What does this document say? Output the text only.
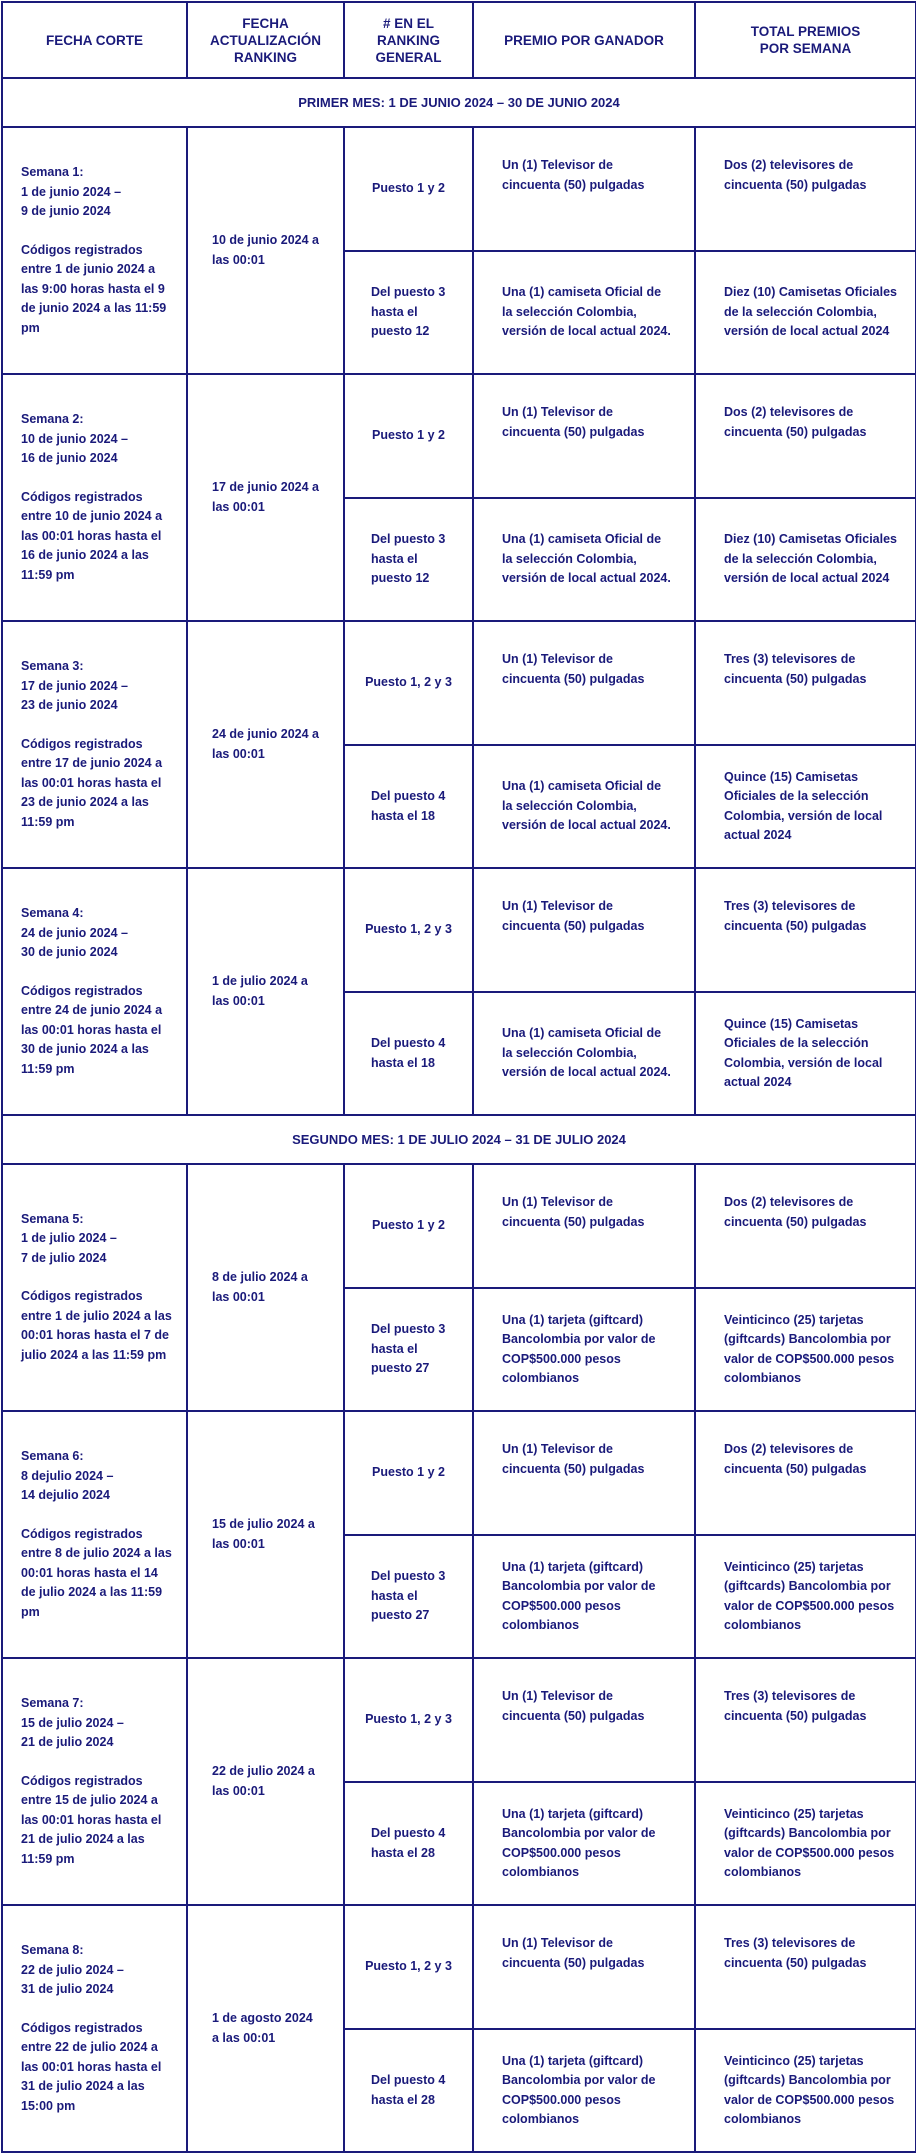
FECHA CORTE	FECHA
ACTUALIZACIÓN
RANKING	# EN EL
RANKING
GENERAL	PREMIO POR GANADOR	TOTAL PREMIOS
POR SEMANA
PRIMER MES: 1 DE JUNIO 2024 – 30 DE JUNIO 2024				

Semana 1:
1 de junio 2024 –
9 de junio 2024
Códigos registrados entre 1 de junio 2024 a las 9:00 horas hasta el 9 de junio 2024 a las 11:59 pm	10 de junio 2024 a las 00:01	Puesto 1 y 2	Un (1) Televisor de cincuenta (50) pulgadas	Dos (2) televisores de cincuenta (50) pulgadas
		Del puesto 3 hasta el puesto 12	Una (1) camiseta Oficial de la selección Colombia, versión de local actual 2024.	Diez (10) Camisetas Oficiales de la selección Colombia, versión de local actual 2024

Semana 2:
10 de junio 2024 –
16 de junio 2024
Códigos registrados entre 10 de junio 2024 a las 00:01 horas hasta el 16 de junio 2024 a las 11:59 pm	17 de junio 2024 a las 00:01	Puesto 1 y 2	Un (1) Televisor de cincuenta (50) pulgadas	Dos (2) televisores de cincuenta (50) pulgadas
		Del puesto 3 hasta el puesto 12	Una (1) camiseta Oficial de la selección Colombia, versión de local actual 2024.	Diez (10) Camisetas Oficiales de la selección Colombia, versión de local actual 2024

Semana 3:
17 de junio 2024 –
23 de junio 2024
Códigos registrados entre 17 de junio 2024 a las 00:01 horas hasta el 23 de junio 2024 a las 11:59 pm	24 de junio 2024 a las 00:01	Puesto 1, 2 y 3	Un (1) Televisor de cincuenta (50) pulgadas	Tres (3) televisores de cincuenta (50) pulgadas
		Del puesto 4 hasta el 18	Una (1) camiseta Oficial de la selección Colombia, versión de local actual 2024.	Quince (15) Camisetas Oficiales de la selección Colombia, versión de local actual 2024

Semana 4:
24 de junio 2024 –
30 de junio 2024
Códigos registrados entre 24 de junio 2024 a las 00:01 horas hasta el 30 de junio 2024 a las 11:59 pm	1 de julio 2024 a las 00:01	Puesto 1, 2 y 3	Un (1) Televisor de cincuenta (50) pulgadas	Tres (3) televisores de cincuenta (50) pulgadas
		Del puesto 4 hasta el 18	Una (1) camiseta Oficial de la selección Colombia, versión de local actual 2024.	Quince (15) Camisetas Oficiales de la selección Colombia, versión de local actual 2024
SEGUNDO MES: 1 DE JULIO 2024 – 31 DE JULIO 2024				

Semana 5:
1 de julio 2024 –
7 de julio 2024
Códigos registrados entre 1 de julio 2024 a las 00:01 horas hasta el 7 de julio 2024 a las 11:59 pm	8 de julio 2024 a las 00:01	Puesto 1 y 2	Un (1) Televisor de cincuenta (50) pulgadas	Dos (2) televisores de cincuenta (50) pulgadas
		Del puesto 3 hasta el puesto 27	Una (1) tarjeta (giftcard) Bancolombia por valor de COP$500.000 pesos colombianos	Veinticinco (25) tarjetas (giftcards) Bancolombia por valor de COP$500.000 pesos colombianos

Semana 6:
8 dejulio 2024 –
14 dejulio 2024
Códigos registrados entre 8 de julio 2024 a las 00:01 horas hasta el 14 de julio 2024 a las 11:59 pm	15 de julio 2024 a las 00:01	Puesto 1 y 2	Un (1) Televisor de cincuenta (50) pulgadas	Dos (2) televisores de cincuenta (50) pulgadas
		Del puesto 3 hasta el puesto 27	Una (1) tarjeta (giftcard) Bancolombia por valor de COP$500.000 pesos colombianos	Veinticinco (25) tarjetas (giftcards) Bancolombia por valor de COP$500.000 pesos colombianos

Semana 7:
15 de julio 2024 –
21 de julio 2024
Códigos registrados entre 15 de julio 2024 a las 00:01 horas hasta el 21 de julio 2024 a las 11:59 pm	22 de julio 2024 a las 00:01	Puesto 1, 2 y 3	Un (1) Televisor de cincuenta (50) pulgadas	Tres (3) televisores de cincuenta (50) pulgadas
		Del puesto 4 hasta el 28	Una (1) tarjeta (giftcard) Bancolombia por valor de COP$500.000 pesos colombianos	Veinticinco (25) tarjetas (giftcards) Bancolombia por valor de COP$500.000 pesos colombianos

Semana 8:
22 de julio 2024 –
31 de julio 2024
Códigos registrados entre 22 de julio 2024 a las 00:01 horas hasta el 31 de julio 2024 a las 15:00 pm	1 de agosto 2024 a las 00:01	Puesto 1, 2 y 3	Un (1) Televisor de cincuenta (50) pulgadas	Tres (3) televisores de cincuenta (50) pulgadas
		Del puesto 4 hasta el 28	Una (1) tarjeta (giftcard) Bancolombia por valor de COP$500.000 pesos colombianos	Veinticinco (25) tarjetas (giftcards) Bancolombia por valor de COP$500.000 pesos colombianos
